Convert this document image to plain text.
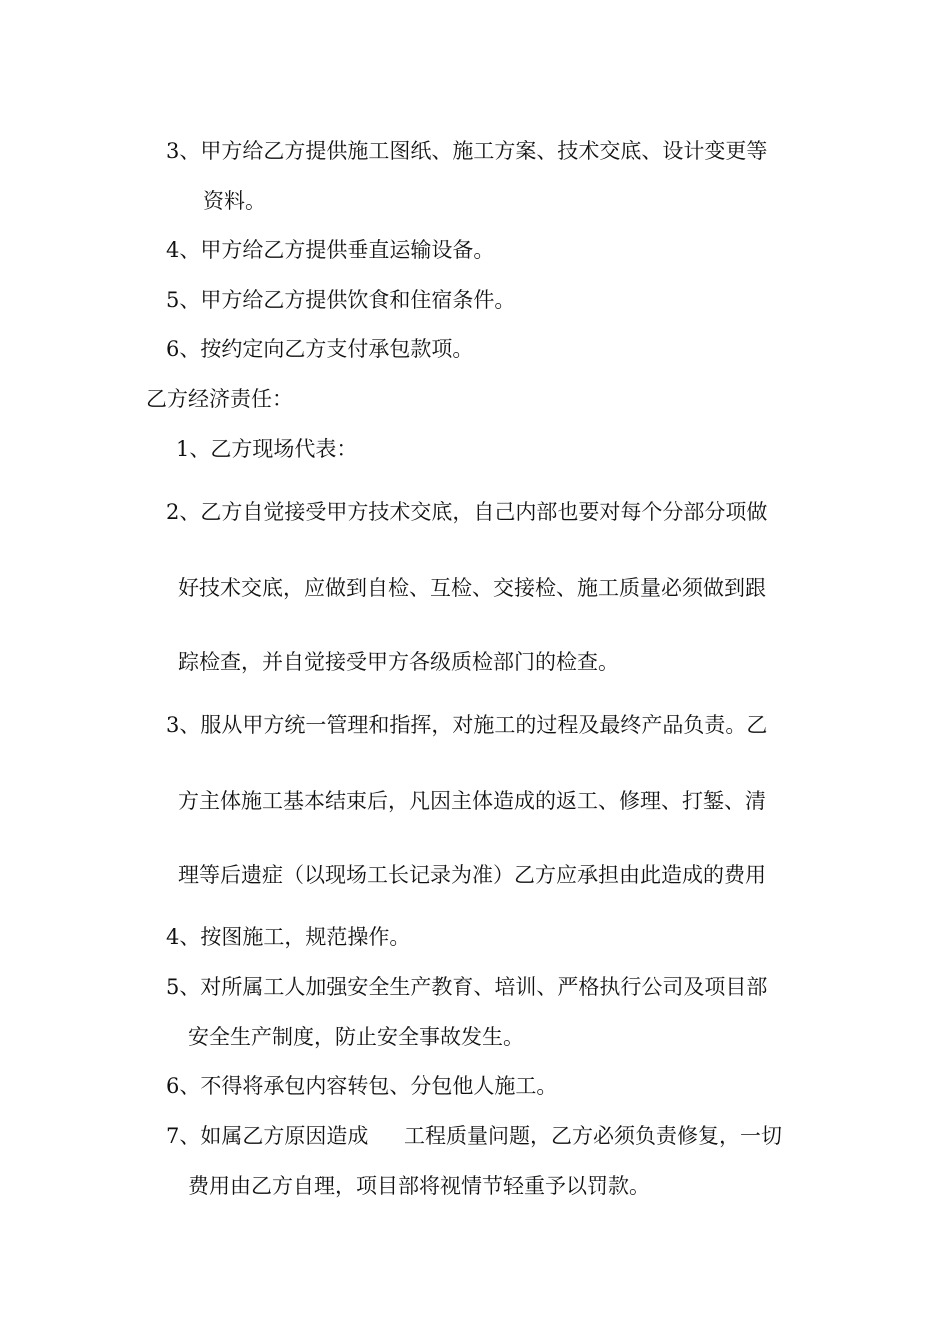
3、甲方给乙方提供施工图纸、施工方案、技术交底、设计变更等
资料。
4、甲方给乙方提供垂直运输设备。
5、甲方给乙方提供饮食和住宿条件。
6、按约定向乙方支付承包款项。
乙方经济责任：
1、乙方现场代表：
2、乙方自觉接受甲方技术交底，自己内部也要对每个分部分项做
好技术交底，应做到自检、互检、交接检、施工质量必须做到跟
踪检查，并自觉接受甲方各级质检部门的检查。
3、服从甲方统一管理和指挥，对施工的过程及最终产品负责。乙
方主体施工基本结束后，凡因主体造成的返工、修理、打錾、清
理等后遗症（以现场工长记录为准）乙方应承担由此造成的费用
4、按图施工，规范操作。
5、对所属工人加强安全生产教育、培训、严格执行公司及项目部
安全生产制度，防止安全事故发生。
6、不得将承包内容转包、分包他人施工。
7、如属乙方原因造成 工程质量问题，乙方必须负责修复，一切
费用由乙方自理，项目部将视情节轻重予以罚款。
